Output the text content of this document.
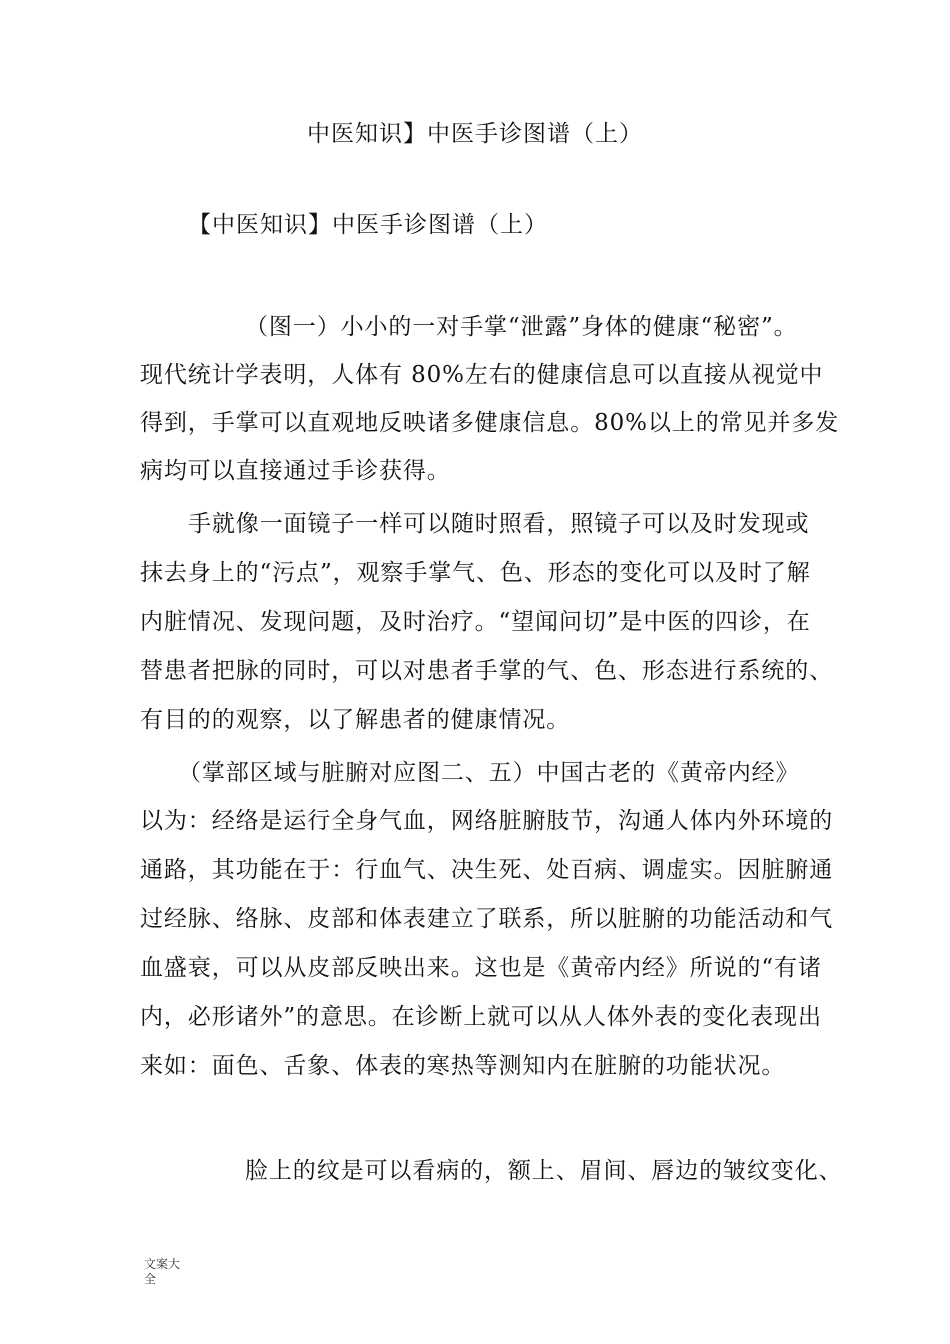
中医知识】中医手诊图谱（上）
【中医知识】中医手诊图谱（上）
（图一）小小的一对手掌“泄露”身体的健康“秘密”。
现代统计学表明，人体有 80%左右的健康信息可以直接从视觉中
得到，手掌可以直观地反映诸多健康信息。80%以上的常见并多发
病均可以直接通过手诊获得。
手就像一面镜子一样可以随时照看，照镜子可以及时发现或
抹去身上的“污点”，观察手掌气、色、形态的变化可以及时了解
内脏情况、发现问题，及时治疗。“望闻问切”是中医的四诊，在
替患者把脉的同时，可以对患者手掌的气、色、形态进行系统的、
有目的的观察，以了解患者的健康情况。
（掌部区域与脏腑对应图二、五）中国古老的《黄帝内经》
以为：经络是运行全身气血，网络脏腑肢节，沟通人体内外环境的
通路，其功能在于：行血气、决生死、处百病、调虚实。因脏腑通
过经脉、络脉、皮部和体表建立了联系，所以脏腑的功能活动和气
血盛衰，可以从皮部反映出来。这也是《黄帝内经》所说的“有诸
内，必形诸外”的意思。在诊断上就可以从人体外表的变化表现出
来如：面色、舌象、体表的寒热等测知内在脏腑的功能状况。
脸上的纹是可以看病的，额上、眉间、唇边的皱纹变化、
文案大
全
